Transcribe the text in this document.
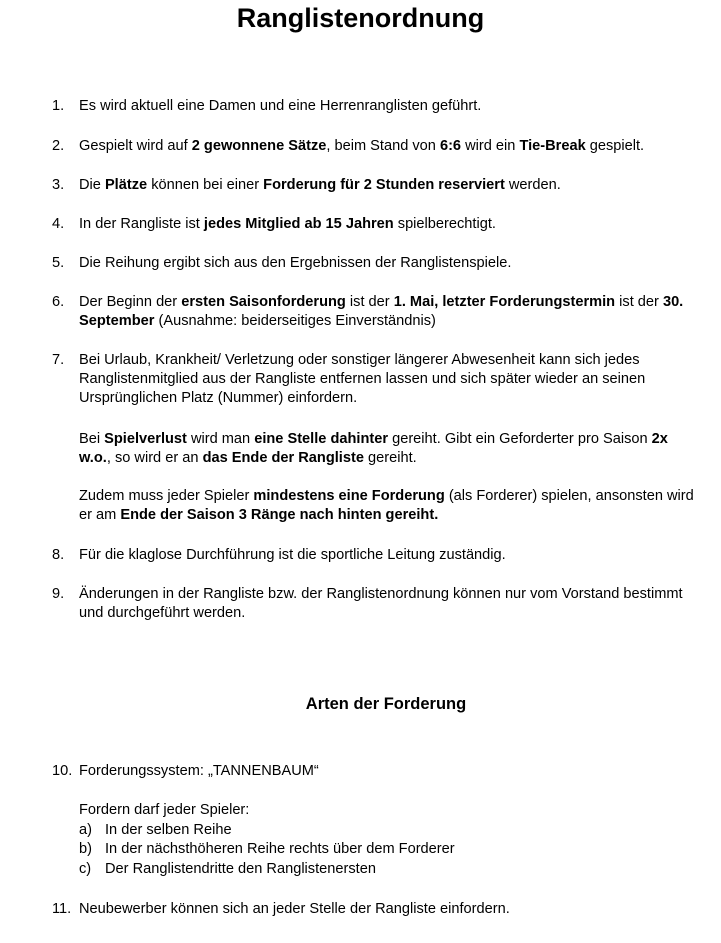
Ranglistenordnung
1. Es wird aktuell eine Damen und eine Herrenranglisten geführt.
2. Gespielt wird auf 2 gewonnene Sätze, beim Stand von 6:6 wird ein Tie-Break gespielt.
3. Die Plätze können bei einer Forderung für 2 Stunden reserviert werden.
4. In der Rangliste ist jedes Mitglied ab 15 Jahren spielberechtigt.
5. Die Reihung ergibt sich aus den Ergebnissen der Ranglistenspiele.
6. Der Beginn der ersten Saisonforderung ist der 1. Mai, letzter Forderungstermin ist der 30. September (Ausnahme: beiderseitiges Einverständnis)
7. Bei Urlaub, Krankheit/ Verletzung oder sonstiger längerer Abwesenheit kann sich jedes Ranglistenmitglied aus der Rangliste entfernen lassen und sich später wieder an seinen Ursprünglichen Platz (Nummer) einfordern.
Bei Spielverlust wird man eine Stelle dahinter gereiht. Gibt ein Geforderter pro Saison 2x w.o., so wird er an das Ende der Rangliste gereiht.
Zudem muss jeder Spieler mindestens eine Forderung (als Forderer) spielen, ansonsten wird er am Ende der Saison 3 Ränge nach hinten gereiht.
8. Für die klaglose Durchführung ist die sportliche Leitung zuständig.
9. Änderungen in der Rangliste bzw. der Ranglistenordnung können nur vom Vorstand bestimmt und durchgeführt werden.
Arten der Forderung
10. Forderungssystem: „TANNENBAUM“
Fordern darf jeder Spieler:
a) In der selben Reihe
b) In der nächsthöheren Reihe rechts über dem Forderer
c) Der Ranglistendritte den Ranglistenersten
11. Neubewerber können sich an jeder Stelle der Rangliste einfordern.
